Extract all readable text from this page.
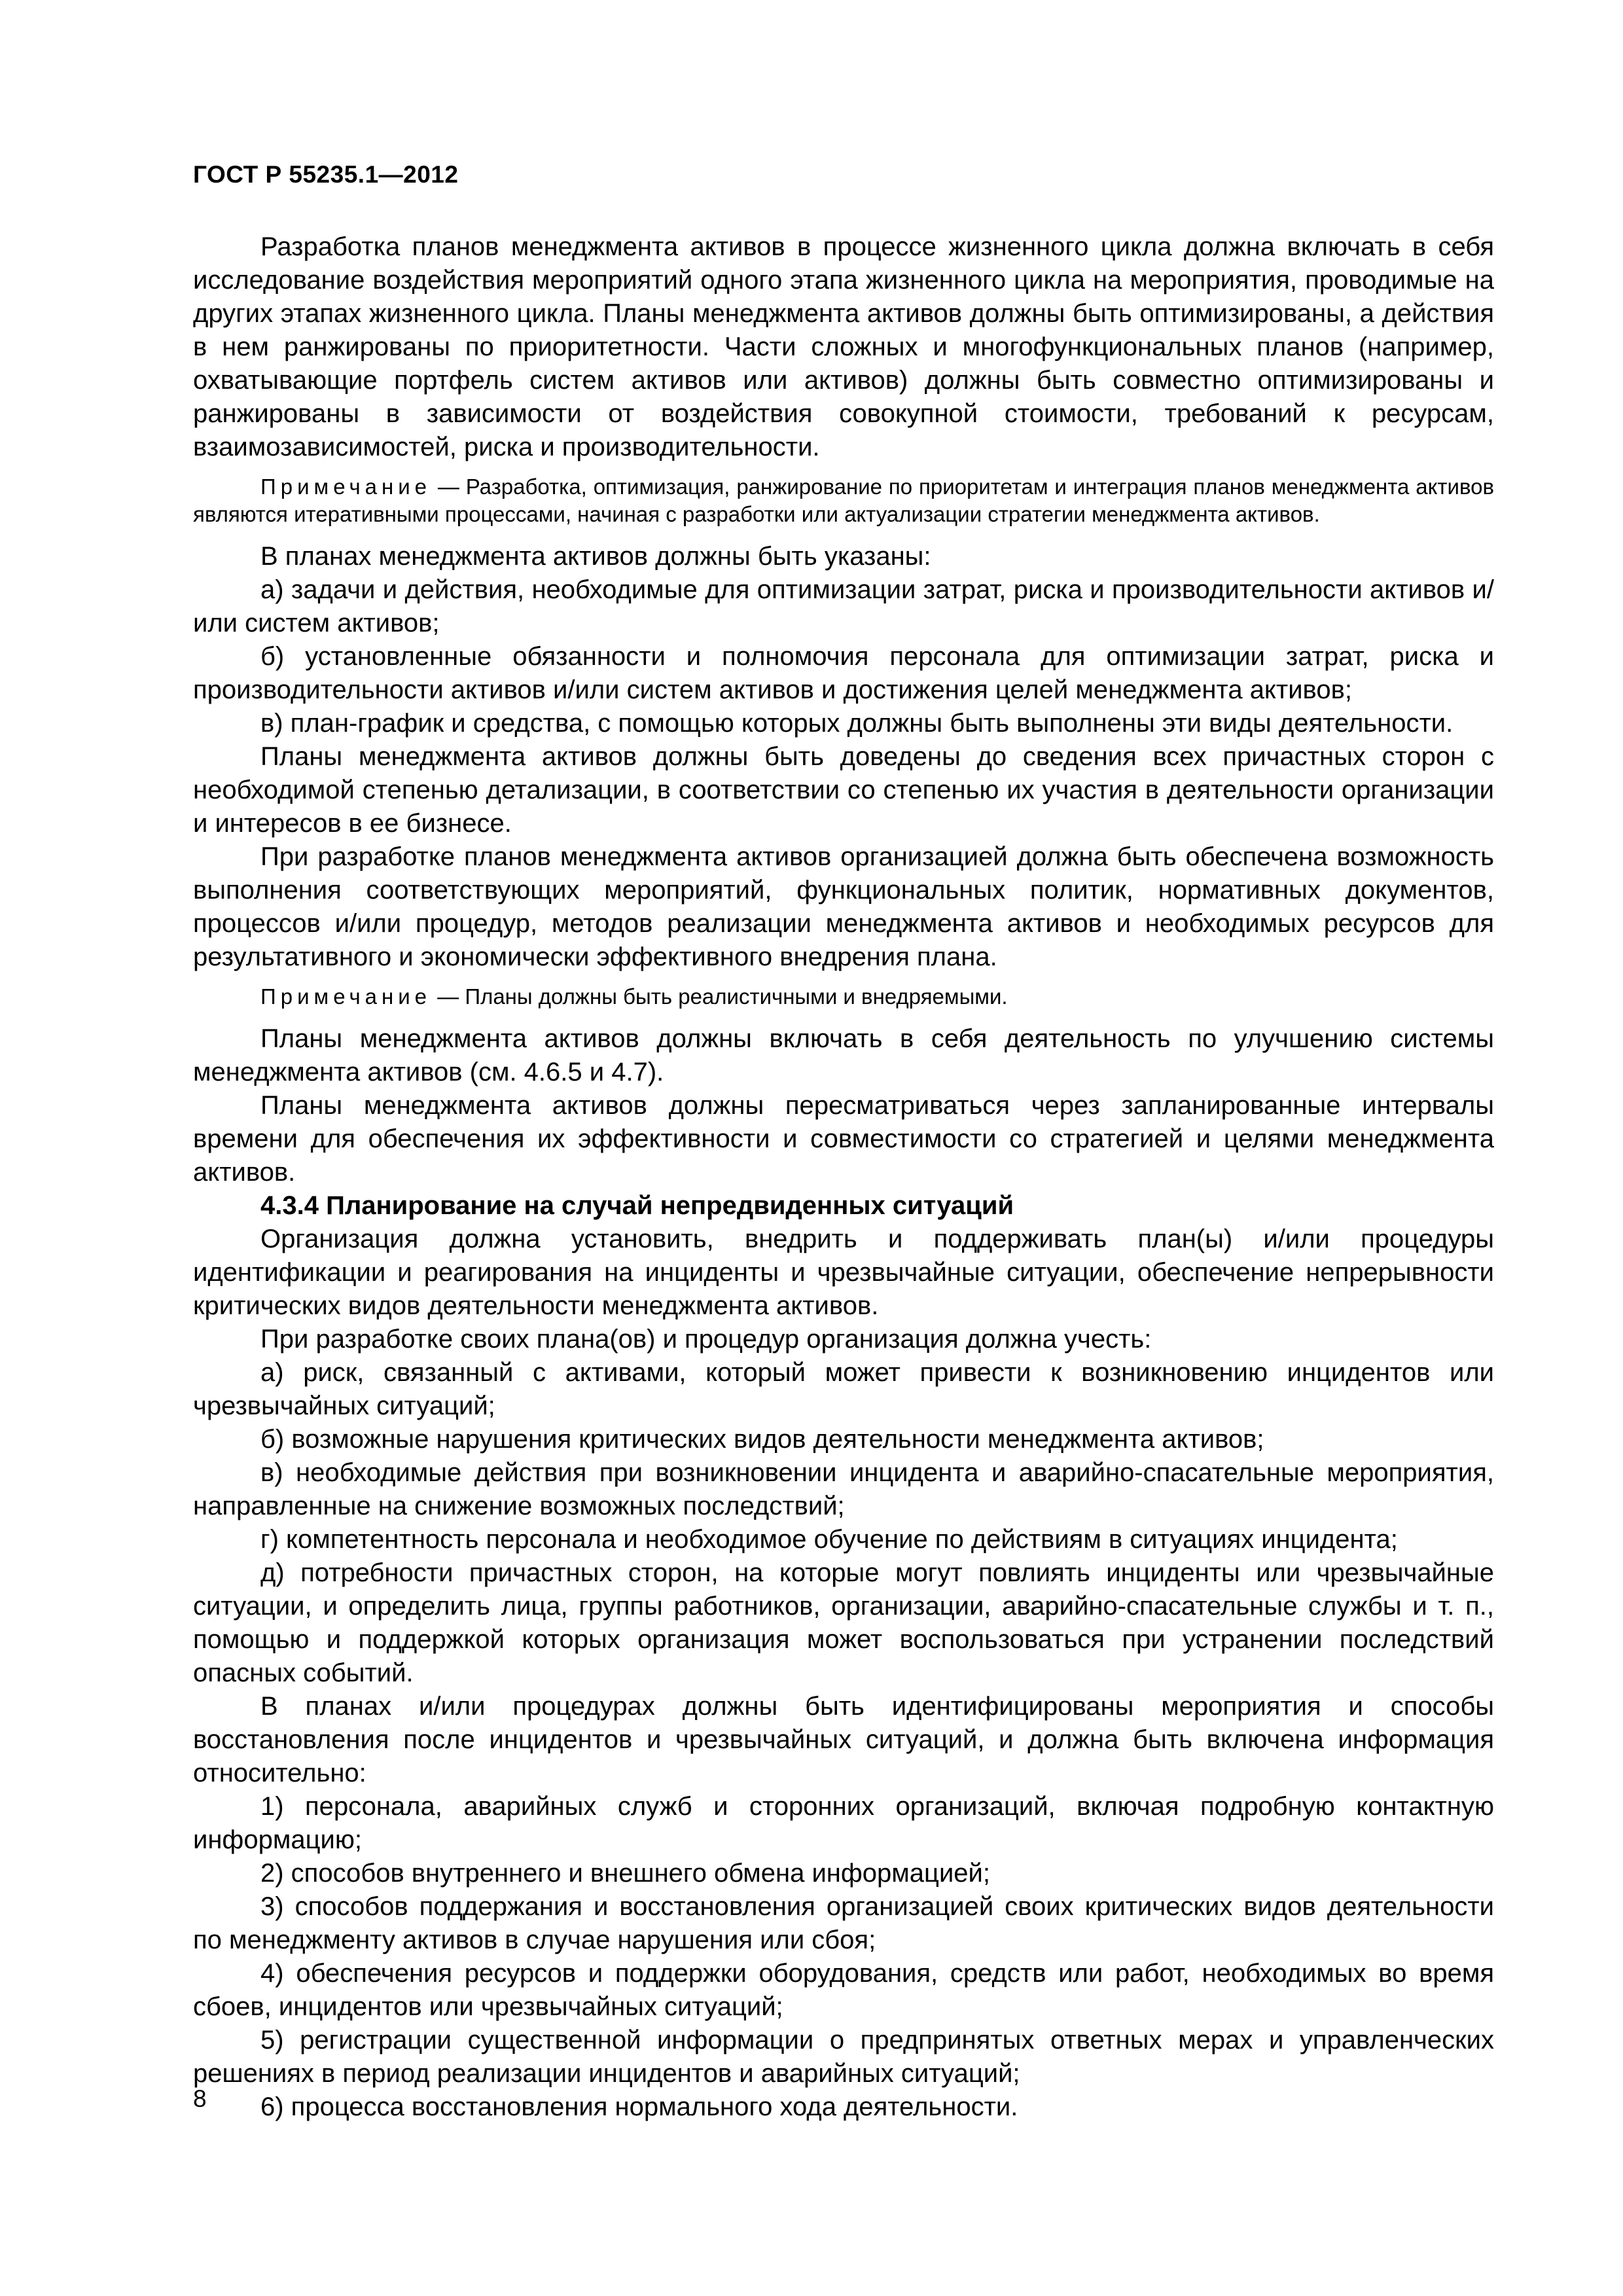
ГОСТ Р 55235.1—2012

Разработка планов менеджмента активов в процессе жизненного цикла должна включать в себя исследование воздействия мероприятий одного этапа жизненного цикла на мероприятия, проводимые на других этапах жизненного цикла. Планы менеджмента активов должны быть оптимизированы, а действия в нем ранжированы по приоритетности. Части сложных и многофункциональных планов (например, охватывающие портфель систем активов или активов) должны быть совместно оптимизированы и ранжированы в зависимости от воздействия совокупной стоимости, требований к ресурсам, взаимозависимостей, риска и производительности.

Примечание — Разработка, оптимизация, ранжирование по приоритетам и интеграция планов менеджмента активов являются итеративными процессами, начиная с разработки или актуализации стратегии менеджмента активов.

В планах менеджмента активов должны быть указаны:

а) задачи и действия, необходимые для оптимизации затрат, риска и производительности активов и/или систем активов;

б) установленные обязанности и полномочия персонала для оптимизации затрат, риска и производительности активов и/или систем активов и достижения целей менеджмента активов;

в) план-график и средства, с помощью которых должны быть выполнены эти виды деятельности.

Планы менеджмента активов должны быть доведены до сведения всех причастных сторон с необходимой степенью детализации, в соответствии со степенью их участия в деятельности организации и интересов в ее бизнесе.

При разработке планов менеджмента активов организацией должна быть обеспечена возможность выполнения соответствующих мероприятий, функциональных политик, нормативных документов, процессов и/или процедур, методов реализации менеджмента активов и необходимых ресурсов для результативного и экономически эффективного внедрения плана.

Примечание — Планы должны быть реалистичными и внедряемыми.

Планы менеджмента активов должны включать в себя деятельность по улучшению системы менеджмента активов (см. 4.6.5 и 4.7).

Планы менеджмента активов должны пересматриваться через запланированные интервалы времени для обеспечения их эффективности и совместимости со стратегией и целями менеджмента активов.

4.3.4 Планирование на случай непредвиденных ситуаций

Организация должна установить, внедрить и поддерживать план(ы) и/или процедуры идентификации и реагирования на инциденты и чрезвычайные ситуации, обеспечение непрерывности критических видов деятельности менеджмента активов.

При разработке своих плана(ов) и процедур организация должна учесть:

а) риск, связанный с активами, который может привести к возникновению инцидентов или чрезвычайных ситуаций;

б) возможные нарушения критических видов деятельности менеджмента активов;

в) необходимые действия при возникновении инцидента и аварийно-спасательные мероприятия, направленные на снижение возможных последствий;

г) компетентность персонала и необходимое обучение по действиям в ситуациях инцидента;

д) потребности причастных сторон, на которые могут повлиять инциденты или чрезвычайные ситуации, и определить лица, группы работников, организации, аварийно-спасательные службы и т. п., помощью и поддержкой которых организация может воспользоваться при устранении последствий опасных событий.

В планах и/или процедурах должны быть идентифицированы мероприятия и способы восстановления после инцидентов и чрезвычайных ситуаций, и должна быть включена информация относительно:

1) персонала, аварийных служб и сторонних организаций, включая подробную контактную информацию;

2) способов внутреннего и внешнего обмена информацией;

3) способов поддержания и восстановления организацией своих критических видов деятельности по менеджменту активов в случае нарушения или сбоя;

4) обеспечения ресурсов и поддержки оборудования, средств или работ, необходимых во время сбоев, инцидентов или чрезвычайных ситуаций;

5) регистрации существенной информации о предпринятых ответных мерах и управленческих решениях в период реализации инцидентов и аварийных ситуаций;

6) процесса восстановления нормального хода деятельности.

8
